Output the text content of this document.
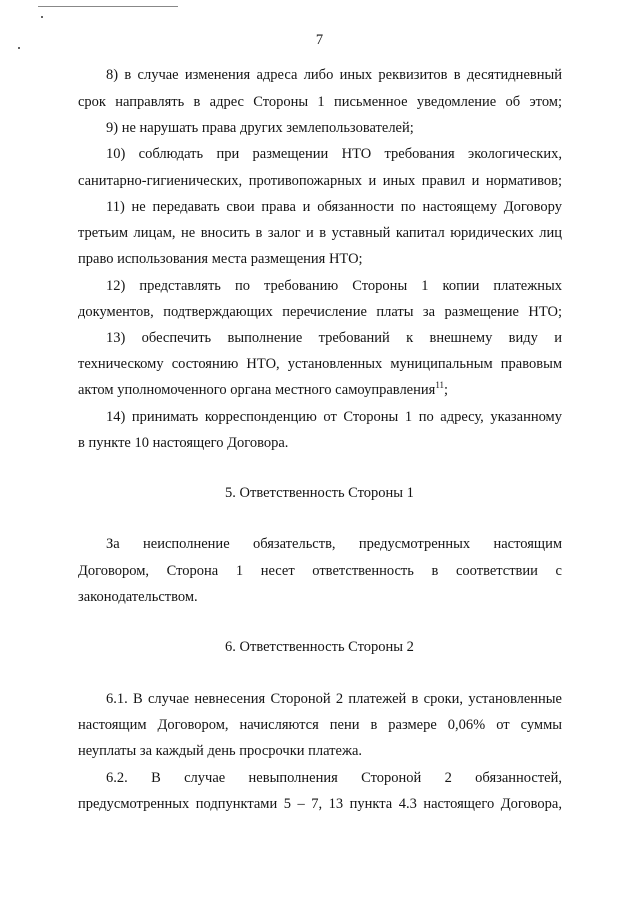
7
8) в случае изменения адреса либо иных реквизитов в десятидневный
срок направлять в адрес Стороны 1 письменное уведомление об этом;
9) не нарушать права других землепользователей;
10) соблюдать при размещении НТО требования экологических,
санитарно-гигиенических, противопожарных и иных правил и нормативов;
11) не передавать свои права и обязанности по настоящему Договору
третьим лицам, не вносить в залог и в уставный капитал юридических лиц
право использования места размещения НТО;
12) представлять по требованию Стороны 1 копии платежных
документов, подтверждающих перечисление платы за размещение НТО;
13) обеспечить выполнение требований к внешнему виду и
техническому состоянию НТО, установленных муниципальным правовым
актом уполномоченного органа местного самоуправления$^{11}$;
14) принимать корреспонденцию от Стороны 1 по адресу, указанному
в пункте 10 настоящего Договора.
5. Ответственность Стороны 1
За неисполнение обязательств, предусмотренных настоящим
Договором, Сторона 1 несет ответственность в соответствии с
законодательством.
6. Ответственность Стороны 2
6.1. В случае невнесения Стороной 2 платежей в сроки, установленные
настоящим Договором, начисляются пени в размере 0,06% от суммы
неуплаты за каждый день просрочки платежа.
6.2. В случае невыполнения Стороной 2 обязанностей,
предусмотренных подпунктами 5 – 7, 13 пункта 4.3 настоящего Договора,
